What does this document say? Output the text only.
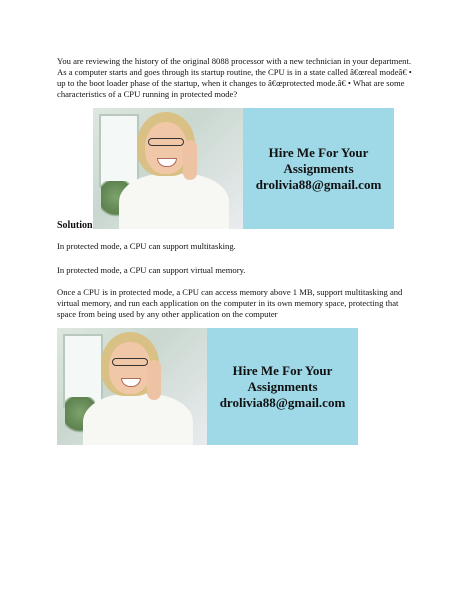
You are reviewing the history of the original 8088 processor with a new technician in your department. As a computer starts and goes through its startup routine, the CPU is in a state called â€œreal modeâ€ • up to the boot loader phase of the startup, when it changes to â€œprotected mode.â€ • What are some characteristics of a CPU running in protected mode?

Hire Me For Your
Assignments
drolivia88@gmail.com

Solution

In protected mode, a CPU can support multitasking.

In protected mode, a CPU can support virtual memory.

Once a CPU is in protected mode, a CPU can access memory above 1 MB, support multitasking and virtual memory, and run each application on the computer in its own memory space, protecting that space from being used by any other application on the computer

Hire Me For Your
Assignments
drolivia88@gmail.com
